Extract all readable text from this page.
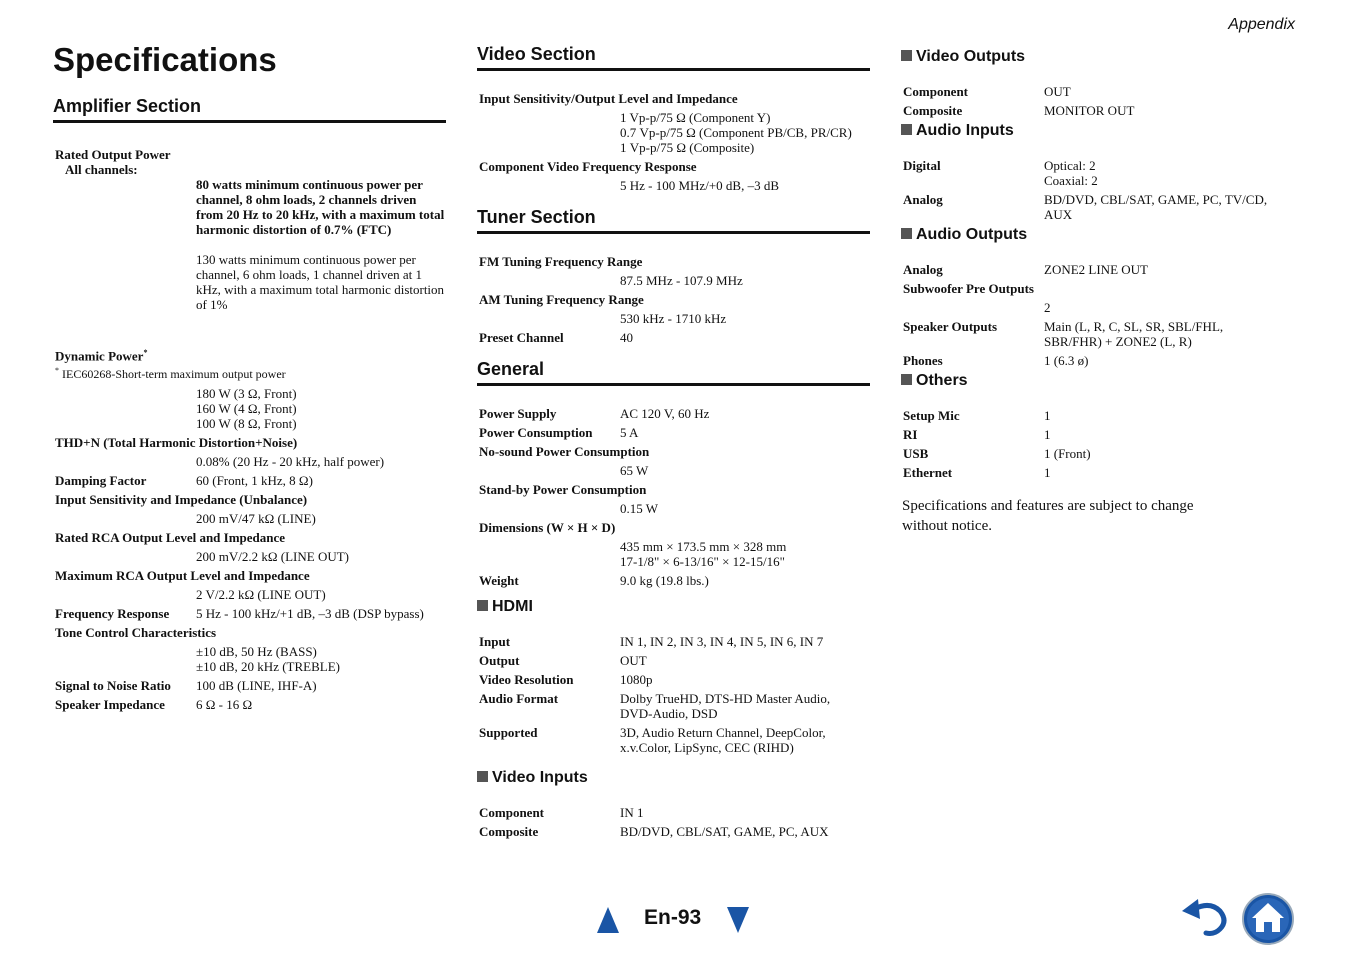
Appendix
Specifications
Amplifier Section
Rated Output Power
All channels:

80 watts minimum continuous power per channel, 8 ohm loads, 2 channels driven from 20 Hz to 20 kHz, with a maximum total harmonic distortion of 0.7% (FTC)

130 watts minimum continuous power per channel, 6 ohm loads, 1 channel driven at 1 kHz, with a maximum total harmonic distortion of 1%

Dynamic Power*
* IEC60268-Short-term maximum output power
180 W (3 Ω, Front)
160 W (4 Ω, Front)
100 W (8 Ω, Front)
THD+N (Total Harmonic Distortion+Noise)
0.08% (20 Hz - 20 kHz, half power)
Damping Factor	60 (Front, 1 kHz, 8 Ω)
Input Sensitivity and Impedance (Unbalance)
200 mV/47 kΩ (LINE)
Rated RCA Output Level and Impedance
200 mV/2.2 kΩ (LINE OUT)
Maximum RCA Output Level and Impedance
2 V/2.2 kΩ (LINE OUT)
Frequency Response	5 Hz - 100 kHz/+1 dB, –3 dB (DSP bypass)
Tone Control Characteristics
±10 dB, 50 Hz (BASS)
±10 dB, 20 kHz (TREBLE)
Signal to Noise Ratio	100 dB (LINE, IHF-A)
Speaker Impedance	6 Ω - 16 Ω
Video Section
Input Sensitivity/Output Level and Impedance
1 Vp-p/75 Ω (Component Y)
0.7 Vp-p/75 Ω (Component PB/CB, PR/CR)
1 Vp-p/75 Ω (Composite)
Component Video Frequency Response
5 Hz - 100 MHz/+0 dB, –3 dB
Tuner Section
FM Tuning Frequency Range
87.5 MHz - 107.9 MHz
AM Tuning Frequency Range
530 kHz - 1710 kHz
Preset Channel	40
General
Power Supply	AC 120 V, 60 Hz
Power Consumption	5 A
No-sound Power Consumption
65 W
Stand-by Power Consumption
0.15 W
Dimensions (W × H × D)
435 mm × 173.5 mm × 328 mm
17-1/8" × 6-13/16" × 12-15/16"
Weight	9.0 kg (19.8 lbs.)
HDMI
Input	IN 1, IN 2, IN 3, IN 4, IN 5, IN 6, IN 7
Output	OUT
Video Resolution	1080p
Audio Format	Dolby TrueHD, DTS-HD Master Audio,
DVD-Audio, DSD
Supported	3D, Audio Return Channel, DeepColor,
x.v.Color, LipSync, CEC (RIHD)
Video Inputs
Component	IN 1
Composite	BD/DVD, CBL/SAT, GAME, PC, AUX
Video Outputs
Component	OUT
Composite	MONITOR OUT
Audio Inputs
Digital	Optical: 2
Coaxial: 2
Analog	BD/DVD, CBL/SAT, GAME, PC, TV/CD,
AUX
Audio Outputs
Analog	ZONE2 LINE OUT
Subwoofer Pre Outputs
2
Speaker Outputs	Main (L, R, C, SL, SR, SBL/FHL,
SBR/FHR) + ZONE2 (L, R)
Phones	1 (6.3 ø)
Others
Setup Mic	1
RI	1
USB	1 (Front)
Ethernet	1
Specifications and features are subject to change without notice.
En-93
